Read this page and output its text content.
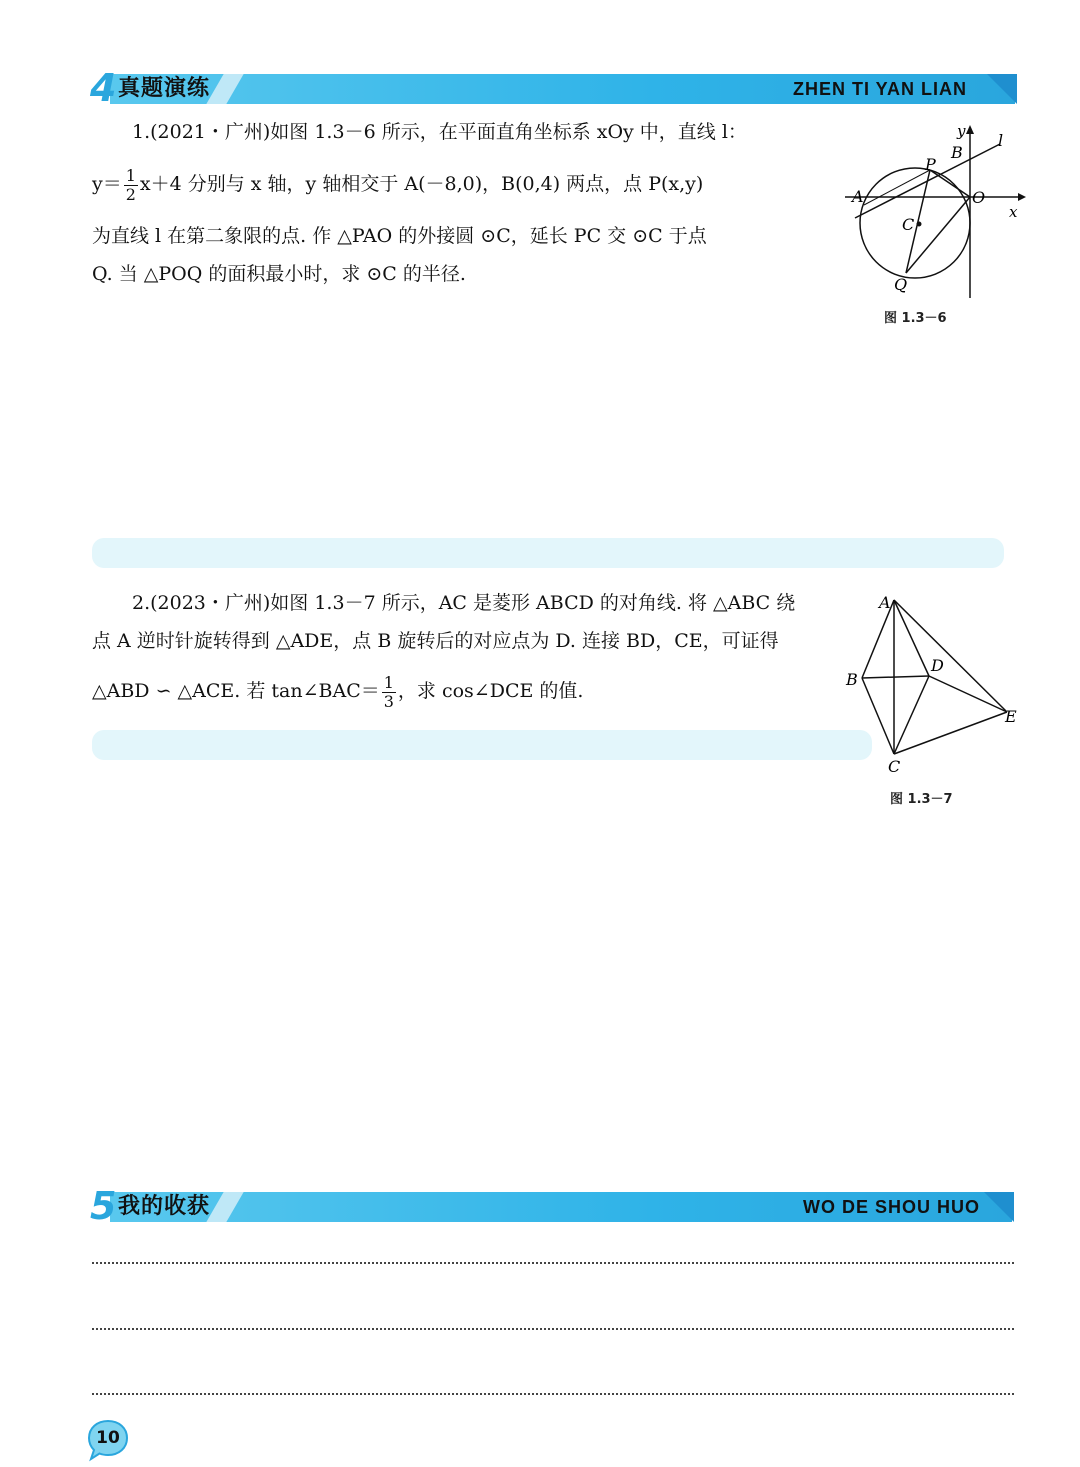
4 真题演练	ZHEN TI YAN LIAN
1.(2021・广州)如图 1.3－6 所示，在平面直角坐标系 xOy 中，直线 l：
$y= \frac{1}{2} x+4$ 分别与 x 轴，y 轴相交于 A(－8,0)，B(0,4) 两点，点 P(x,y)
为直线 l 在第二象限的点. 作 △PAO 的外接圆 ⊙C，延长 PC 交 ⊙C 于点
Q. 当 △POQ 的面积最小时，求 ⊙C 的半径.
y l
B
P
A	O
x
C
Q
图 1.3－6
2.(2023・广州)如图 1.3－7 所示，AC 是菱形 ABCD 的对角线. 将 △ABC 绕
点 A 逆时针旋转得到 △ADE，点 B 旋转后的对应点为 D. 连接 BD，CE，可证得
△ABD ∽ △ACE. 若 tan∠BAC＝ $\frac{1}{3}$ ，求 cos∠DCE 的值.
A
B
D
E
C
图 1.3－7
5 我的收获	WO DE SHOU HUO
10
